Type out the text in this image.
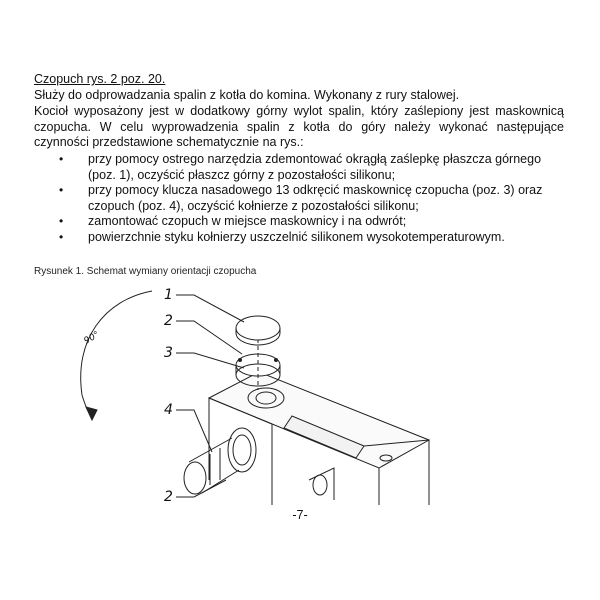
Czopuch rys. 2 poz. 20.
Służy do odprowadzania spalin z kotła do komina. Wykonany z rury stalowej.
Kocioł wyposażony jest w dodatkowy górny wylot spalin, który zaślepiony jest maskownicą czopucha. W celu wyprowadzenia spalin z kotła do góry należy wykonać następujące czynności przedstawione schematycznie na rys.:
• przy pomocy ostrego narzędzia zdemontować okrągłą zaślepkę płaszcza górnego (poz. 1), oczyścić płaszcz górny z pozostałości silikonu;
• przy pomocy klucza nasadowego 13 odkręcić maskownicę czopucha (poz. 3) oraz czopuch (poz. 4), oczyścić kołnierze z pozostałości silikonu;
• zamontować czopuch w miejsce maskownicy i na odwrót;
• powierzchnie styku kołnierzy uszczelnić silikonem wysokotemperaturowym.
Rysunek 1. Schemat wymiany orientacji czopucha
1
2
3
4
2
90°
-7-
